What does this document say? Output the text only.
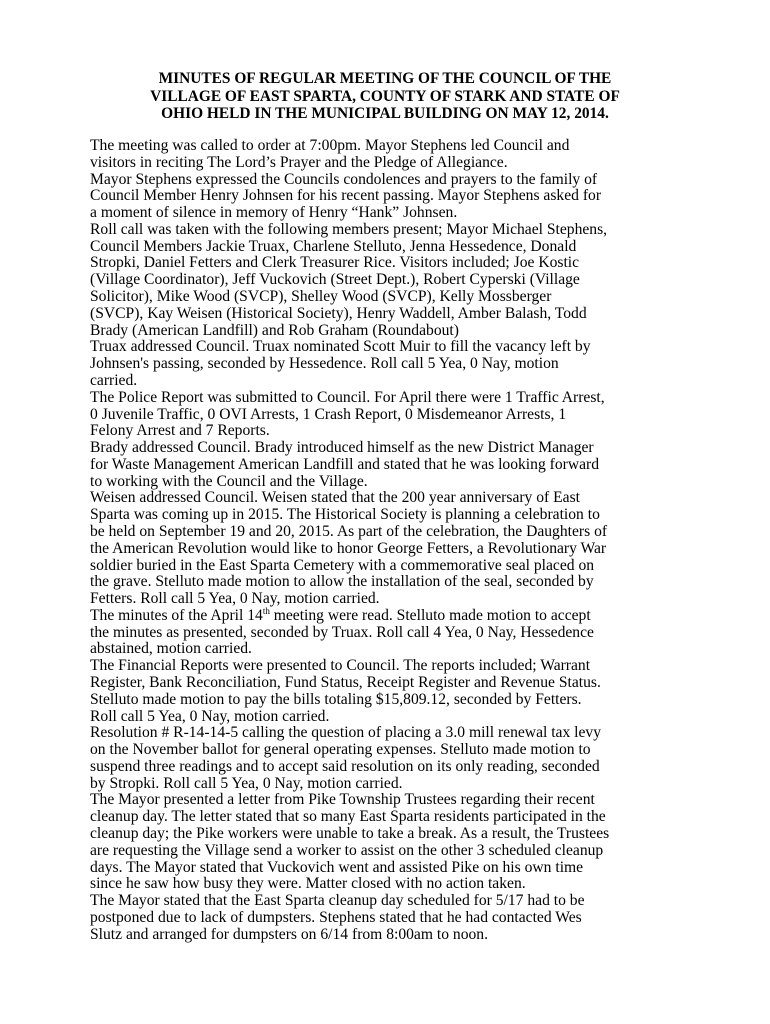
MINUTES OF REGULAR MEETING OF THE COUNCIL OF THE
VILLAGE OF EAST SPARTA, COUNTY OF STARK AND STATE OF
OHIO HELD IN THE MUNICIPAL BUILDING ON MAY 12, 2014.

The meeting was called to order at 7:00pm. Mayor Stephens led Council and
visitors in reciting The Lord’s Prayer and the Pledge of Allegiance.

Mayor Stephens expressed the Councils condolences and prayers to the family of
Council Member Henry Johnsen for his recent passing. Mayor Stephens asked for
a moment of silence in memory of Henry “Hank” Johnsen.

Roll call was taken with the following members present; Mayor Michael Stephens,
Council Members Jackie Truax, Charlene Stelluto, Jenna Hessedence, Donald
Stropki, Daniel Fetters and Clerk Treasurer Rice. Visitors included; Joe Kostic
(Village Coordinator), Jeff Vuckovich (Street Dept.), Robert Cyperski (Village
Solicitor), Mike Wood (SVCP), Shelley Wood (SVCP), Kelly Mossberger
(SVCP), Kay Weisen (Historical Society), Henry Waddell, Amber Balash, Todd
Brady (American Landfill) and Rob Graham (Roundabout)

Truax addressed Council. Truax nominated Scott Muir to fill the vacancy left by
Johnsen's passing, seconded by Hessedence. Roll call 5 Yea, 0 Nay, motion
carried.

The Police Report was submitted to Council. For April there were 1 Traffic Arrest,
0 Juvenile Traffic, 0 OVI Arrests, 1 Crash Report, 0 Misdemeanor Arrests, 1
Felony Arrest and 7 Reports.

Brady addressed Council. Brady introduced himself as the new District Manager
for Waste Management American Landfill and stated that he was looking forward
to working with the Council and the Village.

Weisen addressed Council. Weisen stated that the 200 year anniversary of East
Sparta was coming up in 2015. The Historical Society is planning a celebration to
be held on September 19 and 20, 2015. As part of the celebration, the Daughters of
the American Revolution would like to honor George Fetters, a Revolutionary War
soldier buried in the East Sparta Cemetery with a commemorative seal placed on
the grave. Stelluto made motion to allow the installation of the seal, seconded by
Fetters. Roll call 5 Yea, 0 Nay, motion carried.

The minutes of the April 14th meeting were read. Stelluto made motion to accept
the minutes as presented, seconded by Truax. Roll call 4 Yea, 0 Nay, Hessedence
abstained, motion carried.

The Financial Reports were presented to Council. The reports included; Warrant
Register, Bank Reconciliation, Fund Status, Receipt Register and Revenue Status.
Stelluto made motion to pay the bills totaling $15,809.12, seconded by Fetters.
Roll call 5 Yea, 0 Nay, motion carried.

Resolution # R-14-14-5 calling the question of placing a 3.0 mill renewal tax levy
on the November ballot for general operating expenses. Stelluto made motion to
suspend three readings and to accept said resolution on its only reading, seconded
by Stropki. Roll call 5 Yea, 0 Nay, motion carried.

The Mayor presented a letter from Pike Township Trustees regarding their recent
cleanup day. The letter stated that so many East Sparta residents participated in the
cleanup day; the Pike workers were unable to take a break. As a result, the Trustees
are requesting the Village send a worker to assist on the other 3 scheduled cleanup
days. The Mayor stated that Vuckovich went and assisted Pike on his own time
since he saw how busy they were. Matter closed with no action taken.

The Mayor stated that the East Sparta cleanup day scheduled for 5/17 had to be
postponed due to lack of dumpsters. Stephens stated that he had contacted Wes
Slutz and arranged for dumpsters on 6/14 from 8:00am to noon.
